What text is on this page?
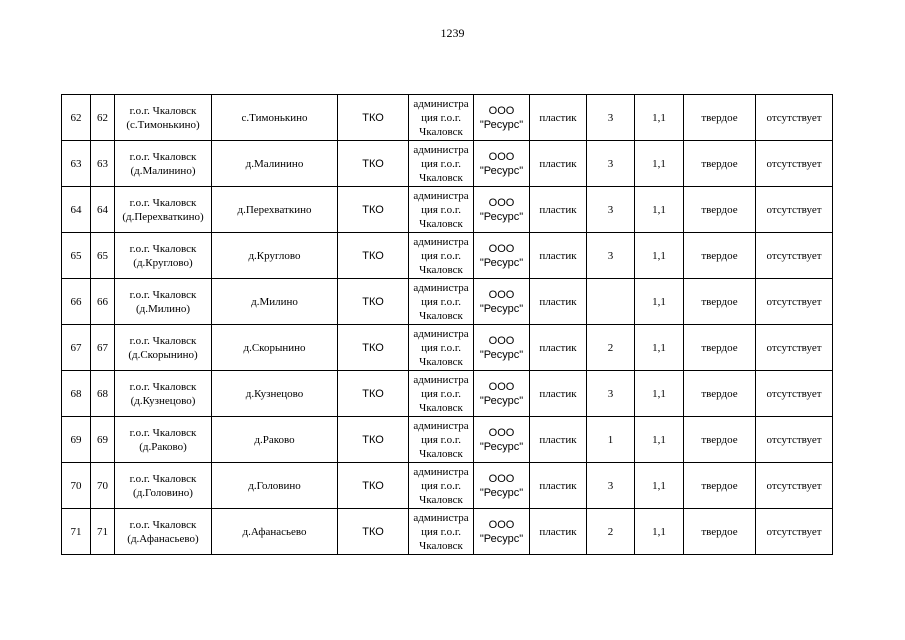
1239
62	62	г.о.г. Чкаловск
(с.Тимонькино)	с.Тимонькино	ТКО	администра
ция г.о.г.
Чкаловск	ООО
"Ресурс"	пластик	3	1,1	твердое	отсутствует
63	63	г.о.г. Чкаловск
(д.Малинино)	д.Малинино	ТКО	администра
ция г.о.г.
Чкаловск	ООО
"Ресурс"	пластик	3	1,1	твердое	отсутствует
64	64	г.о.г. Чкаловск
(д.Перехваткино)	д.Перехваткино	ТКО	администра
ция г.о.г.
Чкаловск	ООО
"Ресурс"	пластик	3	1,1	твердое	отсутствует
65	65	г.о.г. Чкаловск
(д.Круглово)	д.Круглово	ТКО	администра
ция г.о.г.
Чкаловск	ООО
"Ресурс"	пластик	3	1,1	твердое	отсутствует
66	66	г.о.г. Чкаловск
(д.Милино)	д.Милино	ТКО	администра
ция г.о.г.
Чкаловск	ООО
"Ресурс"	пластик		1,1	твердое	отсутствует
67	67	г.о.г. Чкаловск
(д.Скорынино)	д.Скорынино	ТКО	администра
ция г.о.г.
Чкаловск	ООО
"Ресурс"	пластик	2	1,1	твердое	отсутствует
68	68	г.о.г. Чкаловск
(д.Кузнецово)	д.Кузнецово	ТКО	администра
ция г.о.г.
Чкаловск	ООО
"Ресурс"	пластик	3	1,1	твердое	отсутствует
69	69	г.о.г. Чкаловск
(д.Раково)	д.Раково	ТКО	администра
ция г.о.г.
Чкаловск	ООО
"Ресурс"	пластик	1	1,1	твердое	отсутствует
70	70	г.о.г. Чкаловск
(д.Головино)	д.Головино	ТКО	администра
ция г.о.г.
Чкаловск	ООО
"Ресурс"	пластик	3	1,1	твердое	отсутствует
71	71	г.о.г. Чкаловск
(д.Афанасьево)	д.Афанасьево	ТКО	администра
ция г.о.г.
Чкаловск	ООО
"Ресурс"	пластик	2	1,1	твердое	отсутствует
